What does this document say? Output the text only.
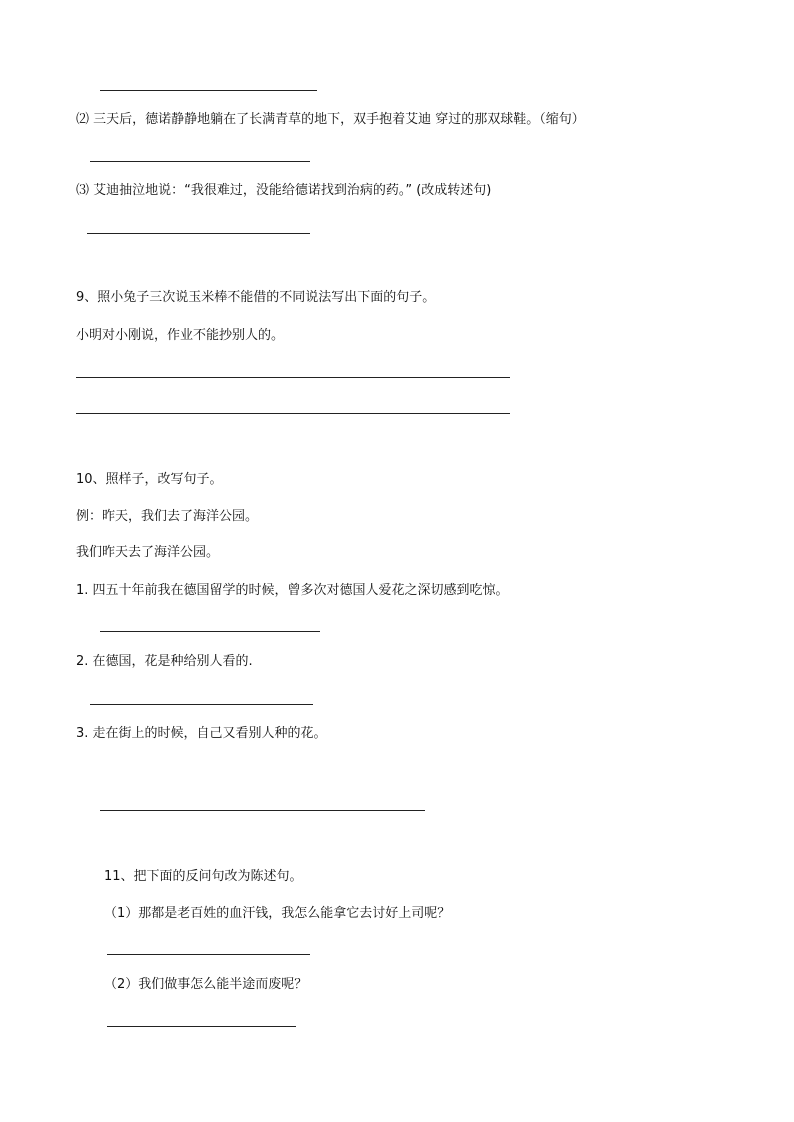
⑵ 三天后，德诺静静地躺在了长满青草的地下，双手抱着艾迪 穿过的那双球鞋。（缩句）
⑶ 艾迪抽泣地说：“我很难过，没能给德诺找到治病的药。” (改成转述句)
9、照小兔子三次说玉米棒不能借的不同说法写出下面的句子。
小明对小刚说，作业不能抄别人的。
10、照样子，改写句子。
例：昨天，我们去了海洋公园。
我们昨天去了海洋公园。
1. 四五十年前我在德国留学的时候，曾多次对德国人爱花之深切感到吃惊。
2. 在德国，花是种给别人看的.
3. 走在街上的时候，自己又看别人种的花。
11、把下面的反问句改为陈述句。
（1）那都是老百姓的血汗钱，我怎么能拿它去讨好上司呢？
（2）我们做事怎么能半途而废呢？
